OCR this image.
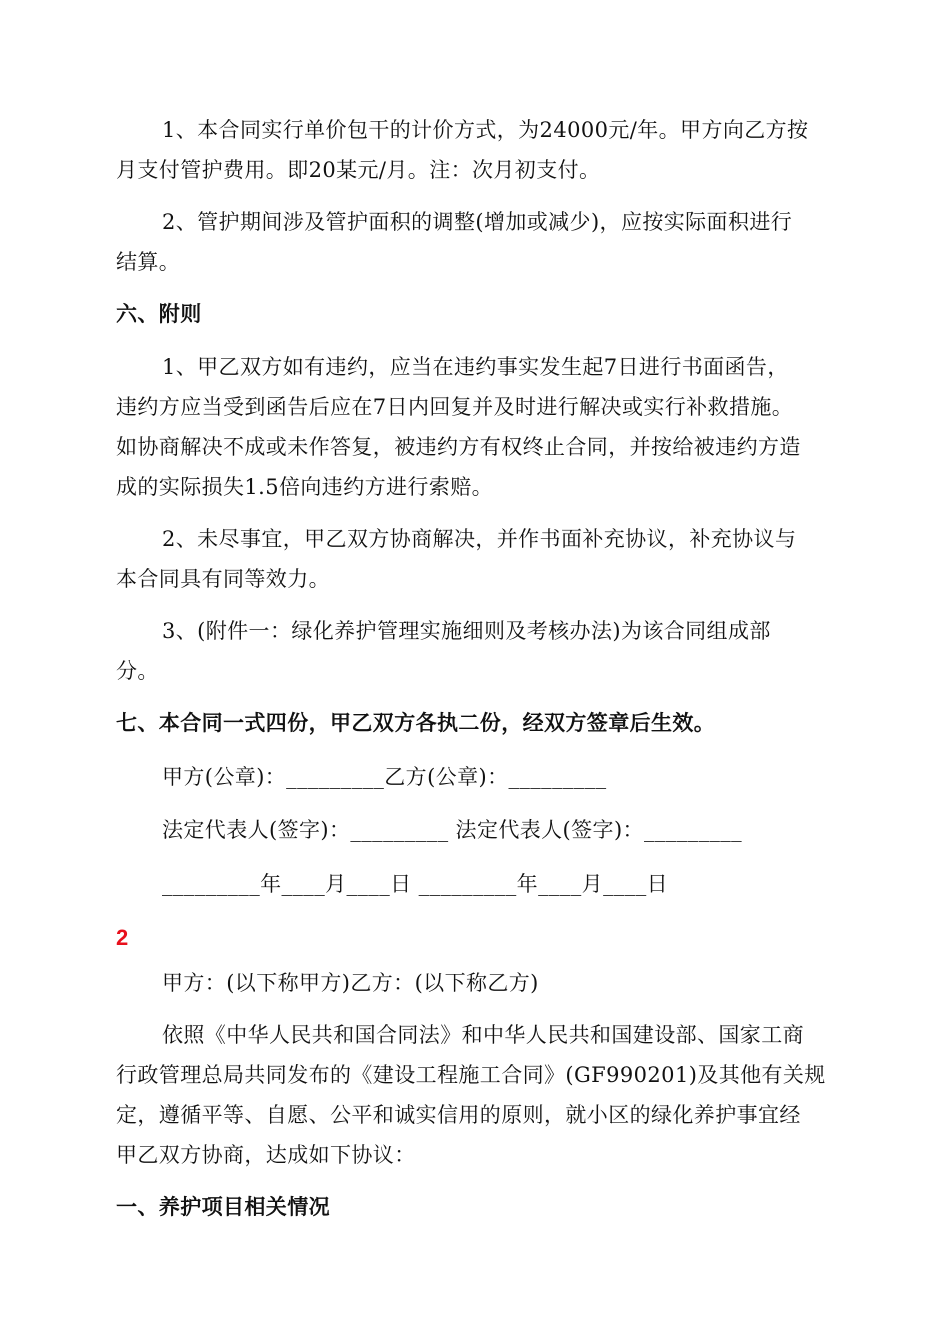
1、本合同实行单价包干的计价方式，为24000元/年。甲方向乙方按
月支付管护费用。即20某元/月。注：次月初支付。
2、管护期间涉及管护面积的调整(增加或减少)，应按实际面积进行
结算。
六、附则
1、甲乙双方如有违约，应当在违约事实发生起7日进行书面函告，
违约方应当受到函告后应在7日内回复并及时进行解决或实行补救措施。
如协商解决不成或未作答复，被违约方有权终止合同，并按给被违约方造
成的实际损失1.5倍向违约方进行索赔。
2、未尽事宜，甲乙双方协商解决，并作书面补充协议，补充协议与
本合同具有同等效力。
3、(附件一：绿化养护管理实施细则及考核办法)为该合同组成部
分。
七、本合同一式四份，甲乙双方各执二份，经双方签章后生效。
甲方(公章)：_________乙方(公章)：_________
法定代表人(签字)：_________ 法定代表人(签字)：_________
_________年____月____日 _________年____月____日
2
甲方：(以下称甲方)乙方：(以下称乙方)
依照《中华人民共和国合同法》和中华人民共和国建设部、国家工商
行政管理总局共同发布的《建设工程施工合同》(GF990201)及其他有关规
定，遵循平等、自愿、公平和诚实信用的原则，就小区的绿化养护事宜经
甲乙双方协商，达成如下协议：
一、养护项目相关情况
